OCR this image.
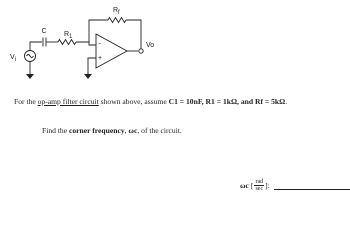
C R 1
R f
V i
Vo
-
+
For the op-amp filter circuit shown above, assume C1 = 10nF, R1 = 1kΩ, and Rf = 5kΩ.
Find the corner frequency, ωc, of the circuit.
ωc [ $\frac{\text{rad}}{\sec}$ ]:
